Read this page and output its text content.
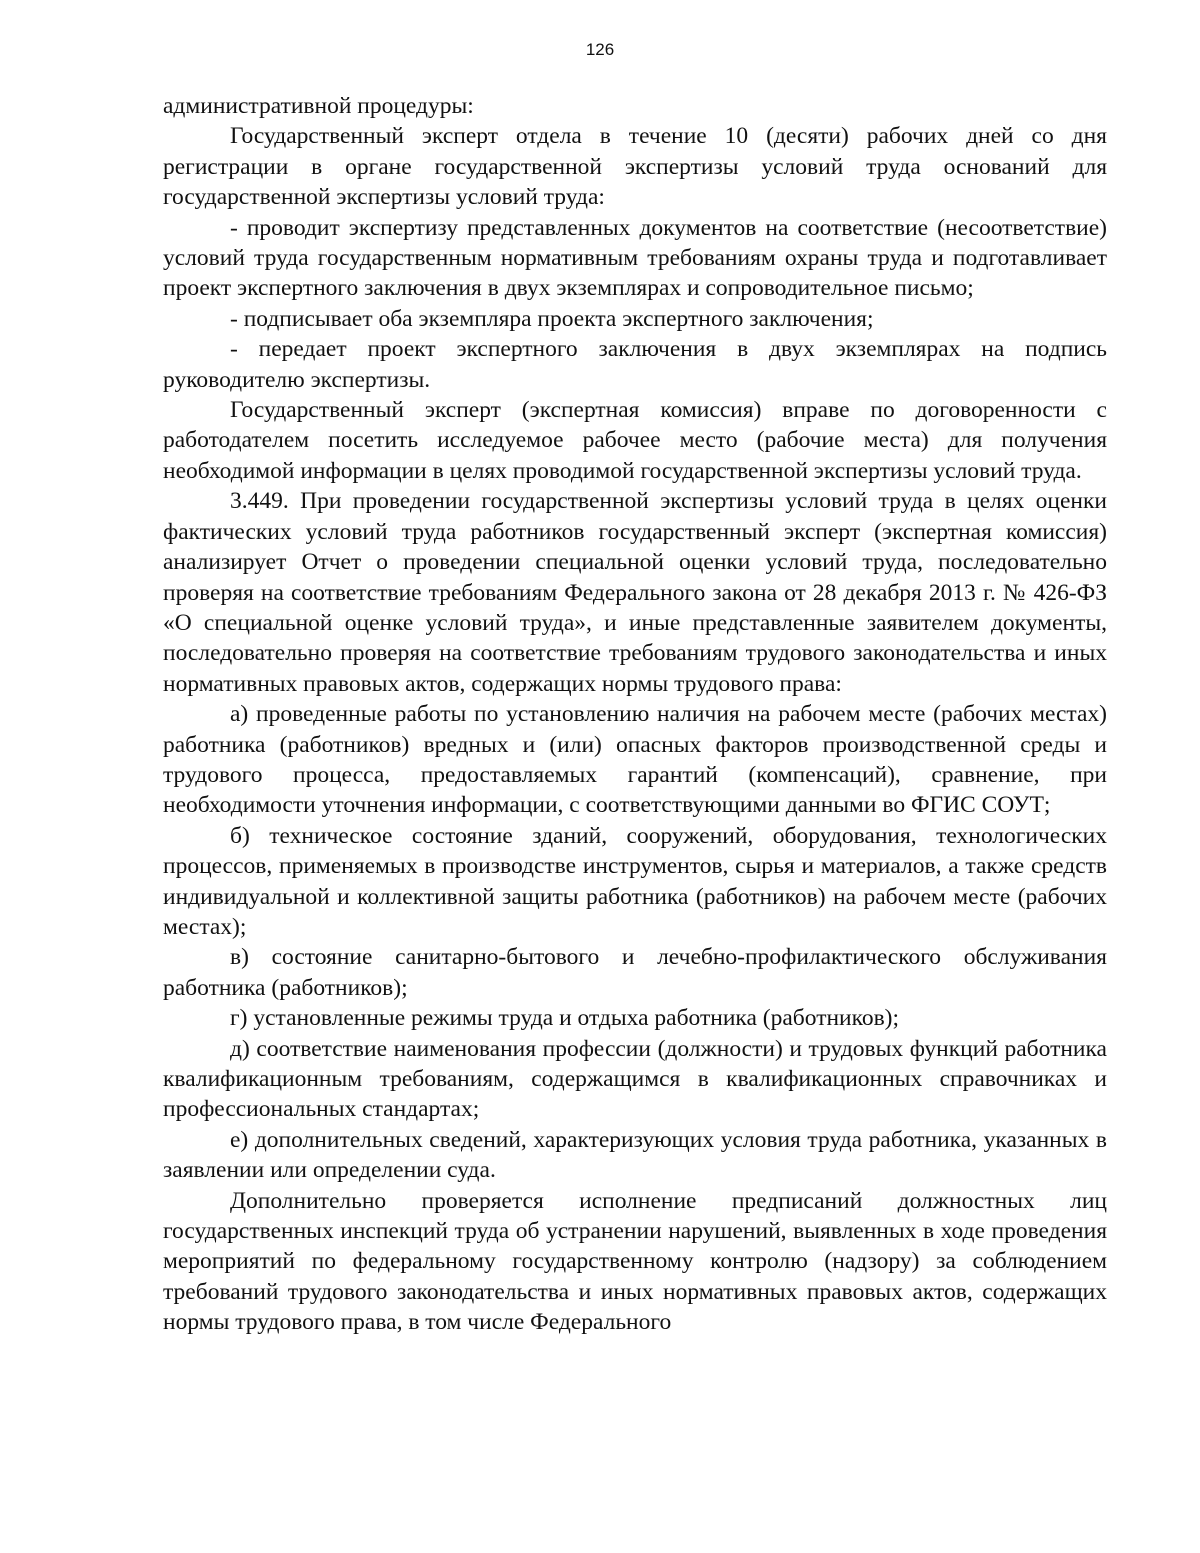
126

административной процедуры:

Государственный эксперт отдела в течение 10 (десяти) рабочих дней со дня регистрации в органе государственной экспертизы условий труда оснований для государственной экспертизы условий труда:

- проводит экспертизу представленных документов на соответствие (несоответствие) условий труда государственным нормативным требованиям охраны труда и подготавливает проект экспертного заключения в двух экземплярах и сопроводительное письмо;

- подписывает оба экземпляра проекта экспертного заключения;

- передает проект экспертного заключения в двух экземплярах на подпись руководителю экспертизы.

Государственный эксперт (экспертная комиссия) вправе по договоренности с работодателем посетить исследуемое рабочее место (рабочие места) для получения необходимой информации в целях проводимой государственной экспертизы условий труда.

3.449. При проведении государственной экспертизы условий труда в целях оценки фактических условий труда работников государственный эксперт (экспертная комиссия) анализирует Отчет о проведении специальной оценки условий труда, последовательно проверяя на соответствие требованиям Федерального закона от 28 декабря 2013 г. № 426-ФЗ «О специальной оценке условий труда», и иные представленные заявителем документы, последовательно проверяя на соответствие требованиям трудового законодательства и иных нормативных правовых актов, содержащих нормы трудового права:

а) проведенные работы по установлению наличия на рабочем месте (рабочих местах) работника (работников) вредных и (или) опасных факторов производственной среды и трудового процесса, предоставляемых гарантий (компенсаций), сравнение, при необходимости уточнения информации, с соответствующими данными во ФГИС СОУТ;

б) техническое состояние зданий, сооружений, оборудования, технологических процессов, применяемых в производстве инструментов, сырья и материалов, а также средств индивидуальной и коллективной защиты работника (работников) на рабочем месте (рабочих местах);

в) состояние санитарно-бытового и лечебно-профилактического обслуживания работника (работников);

г) установленные режимы труда и отдыха работника (работников);

д) соответствие наименования профессии (должности) и трудовых функций работника квалификационным требованиям, содержащимся в квалификационных справочниках и профессиональных стандартах;

е) дополнительных сведений, характеризующих условия труда работника, указанных в заявлении или определении суда.

Дополнительно проверяется исполнение предписаний должностных лиц государственных инспекций труда об устранении нарушений, выявленных в ходе проведения мероприятий по федеральному государственному контролю (надзору) за соблюдением требований трудового законодательства и иных нормативных правовых актов, содержащих нормы трудового права, в том числе Федерального
